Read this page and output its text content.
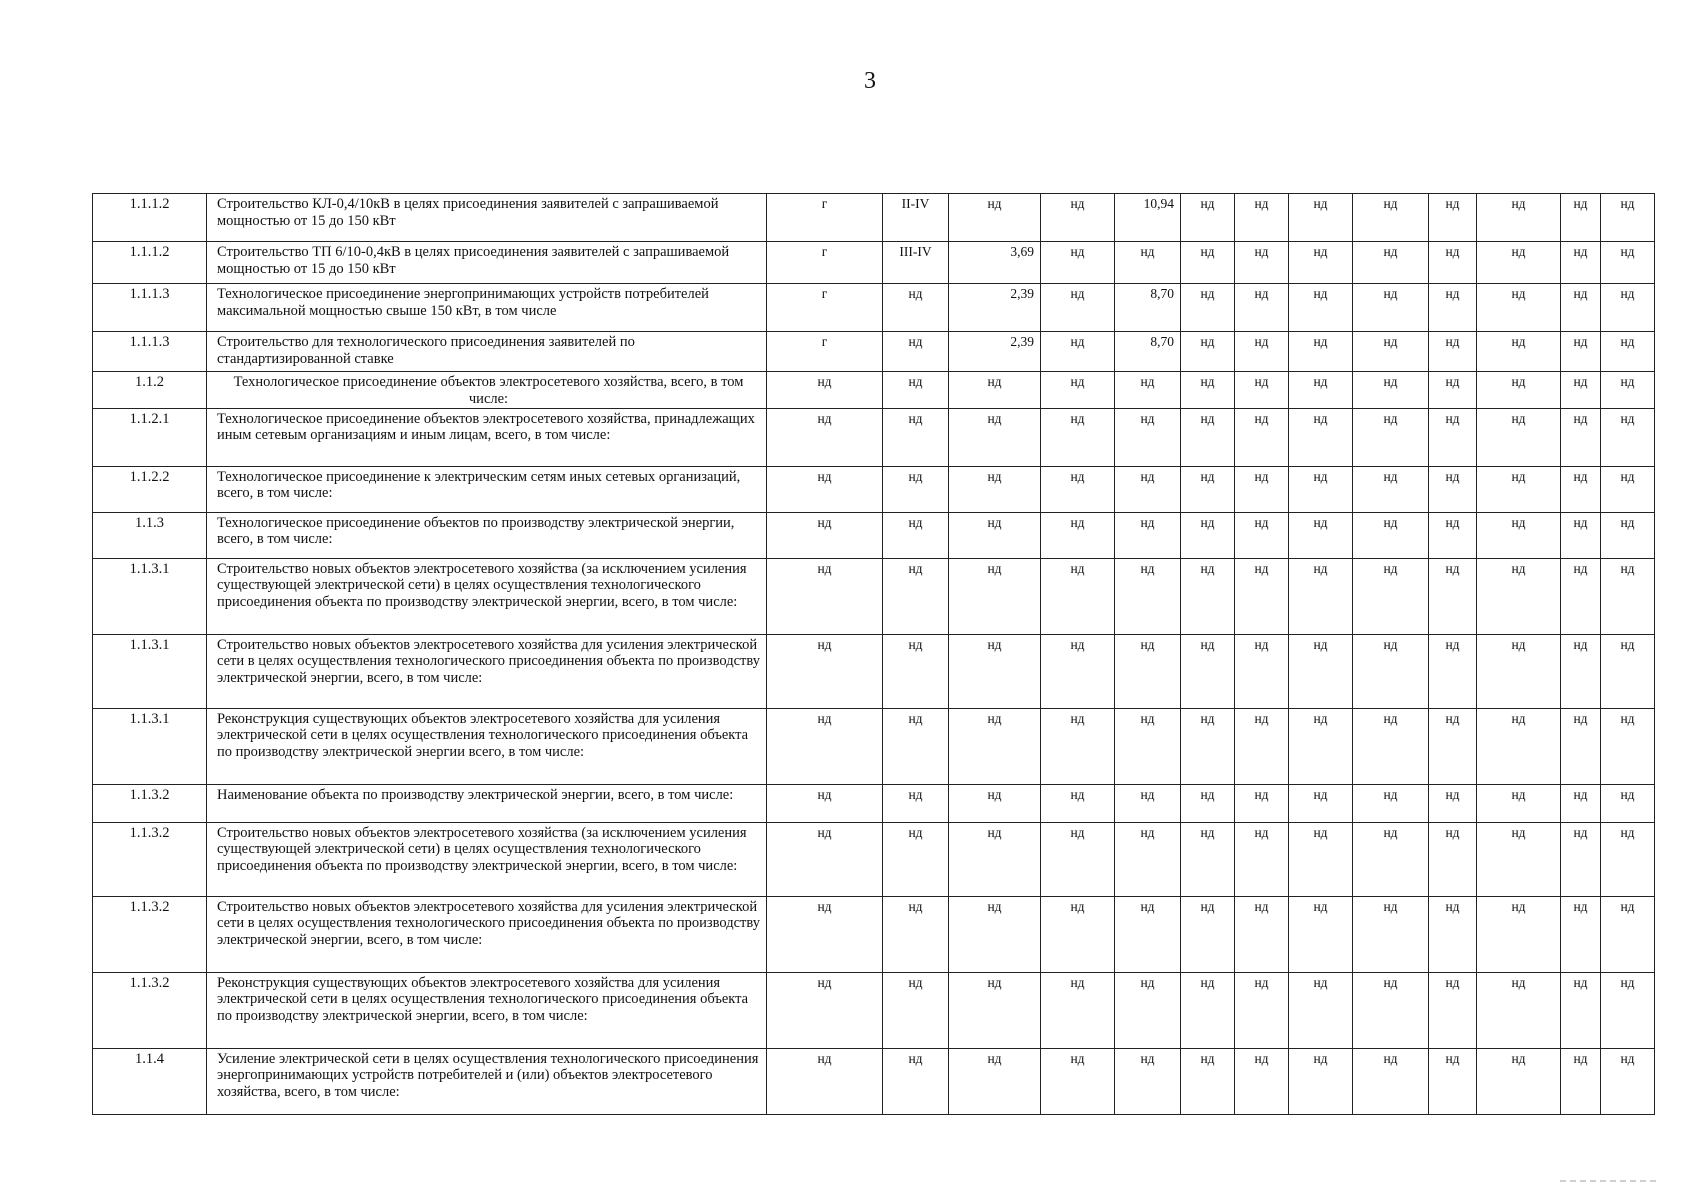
3
1.1.1.2	Строительство КЛ-0,4/10кВ в целях присоединения заявителей с запрашиваемой мощностью от 15 до 150 кВт	г	II-IV	нд	нд	10,94	нд	нд	нд	нд	нд	нд	нд	нд
1.1.1.2	Строительство ТП 6/10-0,4кВ в целях присоединения заявителей с запрашиваемой мощностью от 15 до 150 кВт	г	III-IV	3,69	нд	нд	нд	нд	нд	нд	нд	нд	нд	нд
1.1.1.3	Технологическое присоединение энергопринимающих устройств потребителей максимальной мощностью свыше 150 кВт, в том числе	г	нд	2,39	нд	8,70	нд	нд	нд	нд	нд	нд	нд	нд
1.1.1.3	Строительство для технологического присоединения заявителей по стандартизированной ставке	г	нд	2,39	нд	8,70	нд	нд	нд	нд	нд	нд	нд	нд
1.1.2	Технологическое присоединение объектов электросетевого хозяйства, всего, в том числе:	нд	нд	нд	нд	нд	нд	нд	нд	нд	нд	нд	нд	нд
1.1.2.1	Технологическое присоединение объектов электросетевого хозяйства, принадлежащих иным сетевым организациям и иным лицам, всего, в том числе:	нд	нд	нд	нд	нд	нд	нд	нд	нд	нд	нд	нд	нд
1.1.2.2	Технологическое присоединение к электрическим сетям иных сетевых организаций, всего, в том числе:	нд	нд	нд	нд	нд	нд	нд	нд	нд	нд	нд	нд	нд
1.1.3	Технологическое присоединение объектов по производству электрической энергии, всего, в том числе:	нд	нд	нд	нд	нд	нд	нд	нд	нд	нд	нд	нд	нд
1.1.3.1	Строительство новых объектов электросетевого хозяйства (за исключением усиления существующей электрической сети) в целях осуществления технологического присоединения объекта по производству электрической энергии, всего, в том числе:	нд	нд	нд	нд	нд	нд	нд	нд	нд	нд	нд	нд	нд
1.1.3.1	Строительство новых объектов электросетевого хозяйства для усиления электрической сети в целях осуществления технологического присоединения объекта по производству электрической энергии, всего, в том числе:	нд	нд	нд	нд	нд	нд	нд	нд	нд	нд	нд	нд	нд
1.1.3.1	Реконструкция существующих объектов электросетевого хозяйства для усиления электрической сети в целях осуществления технологического присоединения объекта по производству электрической энергии всего, в том числе:	нд	нд	нд	нд	нд	нд	нд	нд	нд	нд	нд	нд	нд
1.1.3.2	Наименование объекта по производству электрической энергии, всего, в том числе:	нд	нд	нд	нд	нд	нд	нд	нд	нд	нд	нд	нд	нд
1.1.3.2	Строительство новых объектов электросетевого хозяйства (за исключением усиления существующей электрической сети) в целях осуществления технологического присоединения объекта по производству электрической энергии, всего, в том числе:	нд	нд	нд	нд	нд	нд	нд	нд	нд	нд	нд	нд	нд
1.1.3.2	Строительство новых объектов электросетевого хозяйства для усиления электрической сети в целях осуществления технологического присоединения объекта по производству электрической энергии, всего, в том числе:	нд	нд	нд	нд	нд	нд	нд	нд	нд	нд	нд	нд	нд
1.1.3.2	Реконструкция существующих объектов электросетевого хозяйства для усиления электрической сети в целях осуществления технологического присоединения объекта по производству электрической энергии, всего, в том числе:	нд	нд	нд	нд	нд	нд	нд	нд	нд	нд	нд	нд	нд
1.1.4	Усиление электрической сети в целях осуществления технологического присоединения энергопринимающих устройств потребителей и (или) объектов электросетевого хозяйства, всего, в том числе:	нд	нд	нд	нд	нд	нд	нд	нд	нд	нд	нд	нд	нд
